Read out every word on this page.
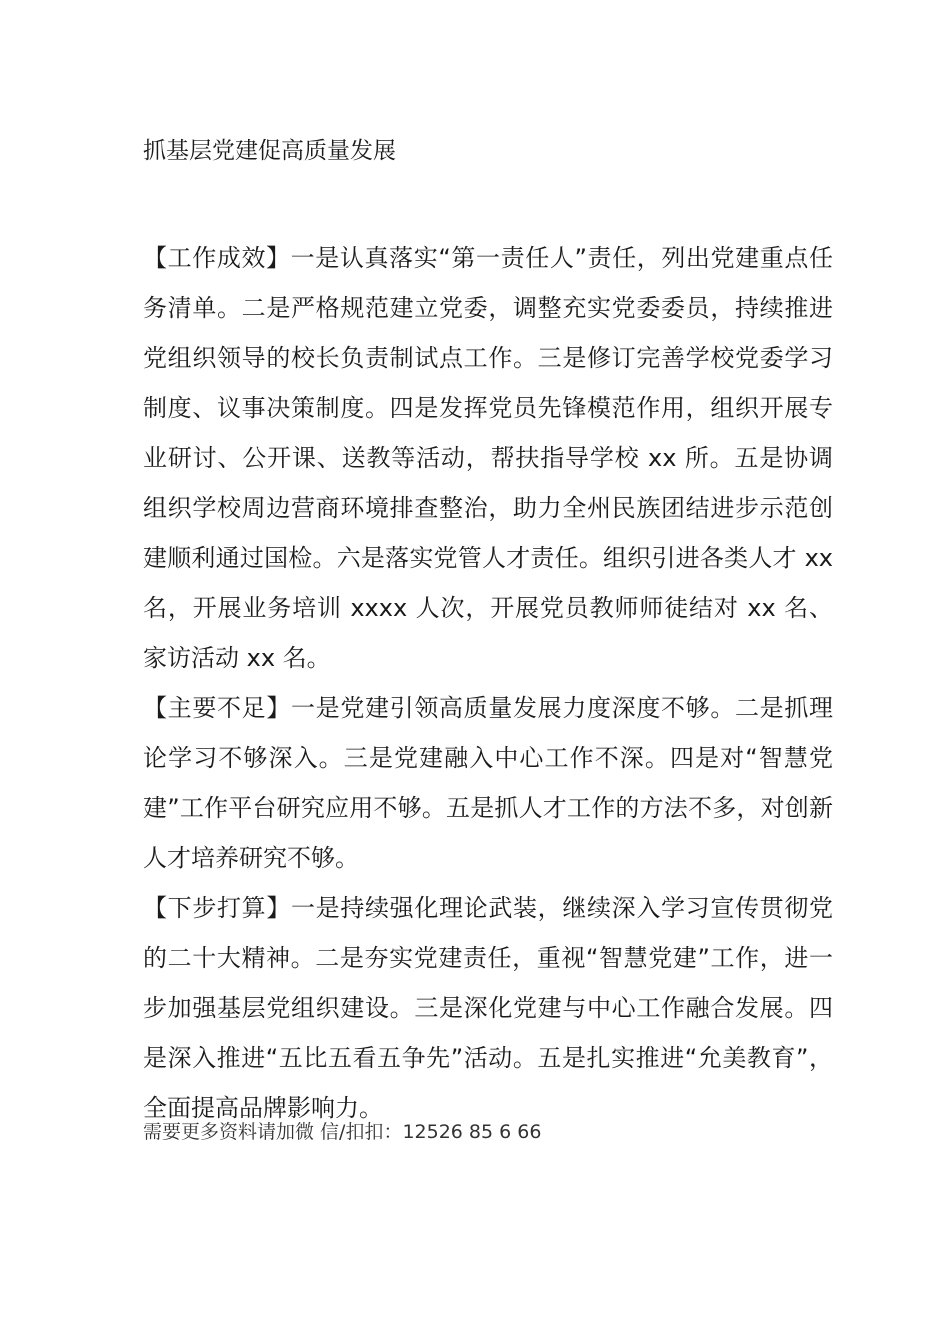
抓基层党建促高质量发展

【工作成效】一是认真落实“第一责任人”责任，列出党建重点任务清单。二是严格规范建立党委，调整充实党委委员，持续推进党组织领导的校长负责制试点工作。三是修订完善学校党委学习制度、议事决策制度。四是发挥党员先锋模范作用，组织开展专业研讨、公开课、送教等活动，帮扶指导学校 xx 所。五是协调组织学校周边营商环境排查整治，助力全州民族团结进步示范创建顺利通过国检。六是落实党管人才责任。组织引进各类人才 xx 名，开展业务培训 xxxx 人次，开展党员教师师徒结对 xx 名、家访活动 xx 名。

【主要不足】一是党建引领高质量发展力度深度不够。二是抓理论学习不够深入。三是党建融入中心工作不深。四是对“智慧党建”工作平台研究应用不够。五是抓人才工作的方法不多，对创新人才培养研究不够。

【下步打算】一是持续强化理论武装，继续深入学习宣传贯彻党的二十大精神。二是夯实党建责任，重视“智慧党建”工作，进一步加强基层党组织建设。三是深化党建与中心工作融合发展。四是深入推进“五比五看五争先”活动。五是扎实推进“允美教育”，全面提高品牌影响力。

需要更多资料请加微 信/扣扣：12526 85 6 66
